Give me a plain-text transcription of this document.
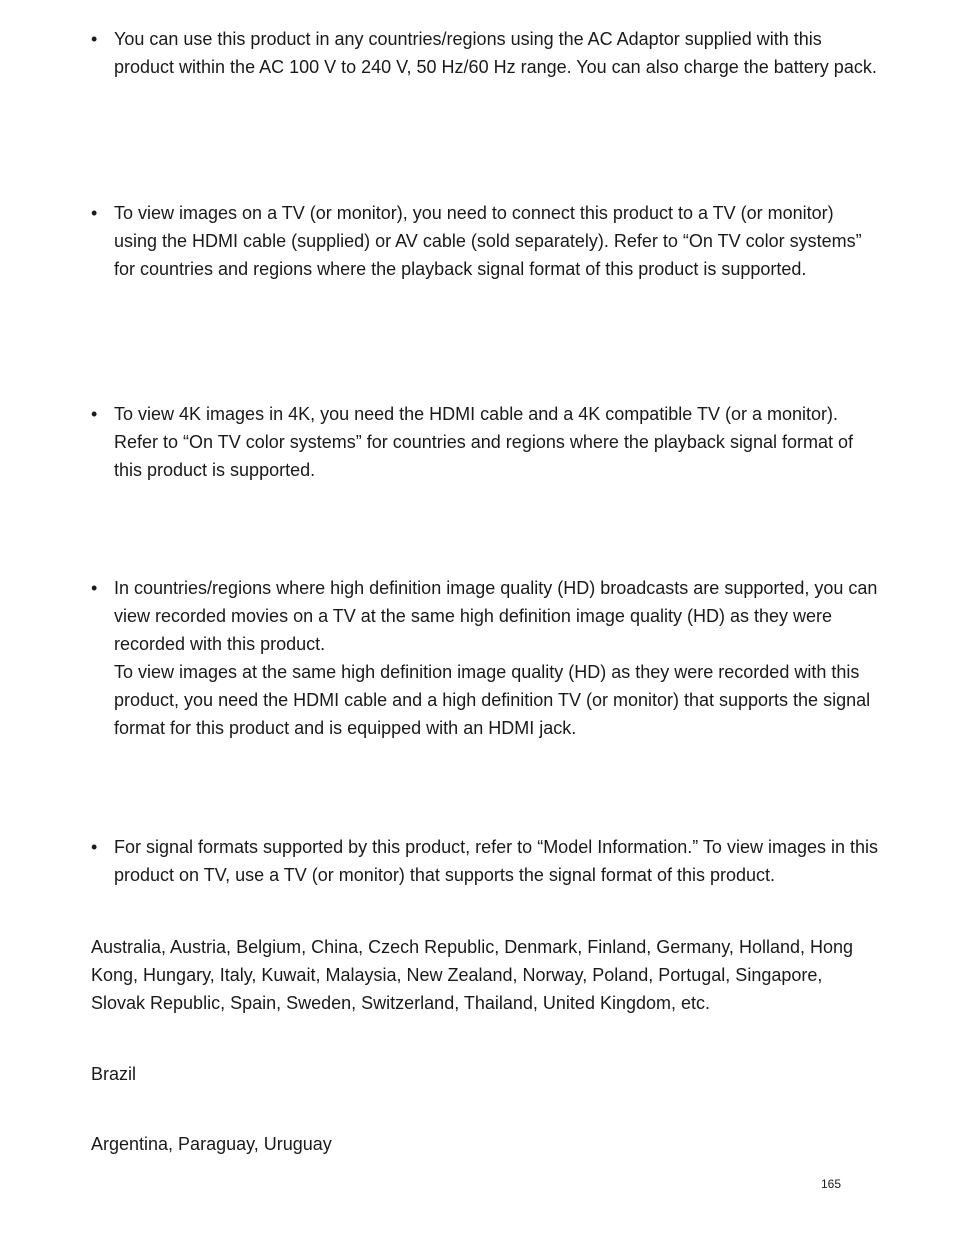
• You can use this product in any countries/regions using the AC Adaptor supplied with this product within the AC 100 V to 240 V, 50 Hz/60 Hz range. You can also charge the battery pack.

• To view images on a TV (or monitor), you need to connect this product to a TV (or monitor) using the HDMI cable (supplied) or AV cable (sold separately). Refer to “On TV color systems” for countries and regions where the playback signal format of this product is supported.

• To view 4K images in 4K, you need the HDMI cable and a 4K compatible TV (or a monitor). Refer to “On TV color systems” for countries and regions where the playback signal format of this product is supported.

• In countries/regions where high definition image quality (HD) broadcasts are supported, you can view recorded movies on a TV at the same high definition image quality (HD) as they were recorded with this product.

To view images at the same high definition image quality (HD) as they were recorded with this product, you need the HDMI cable and a high definition TV (or monitor) that supports the signal format for this product and is equipped with an HDMI jack.

• For signal formats supported by this product, refer to “Model Information.” To view images in this product on TV, use a TV (or monitor) that supports the signal format of this product.

Australia, Austria, Belgium, China, Czech Republic, Denmark, Finland, Germany, Holland, Hong Kong, Hungary, Italy, Kuwait, Malaysia, New Zealand, Norway, Poland, Portugal, Singapore, Slovak Republic, Spain, Sweden, Switzerland, Thailand, United Kingdom, etc.

Brazil

Argentina, Paraguay, Uruguay

165
